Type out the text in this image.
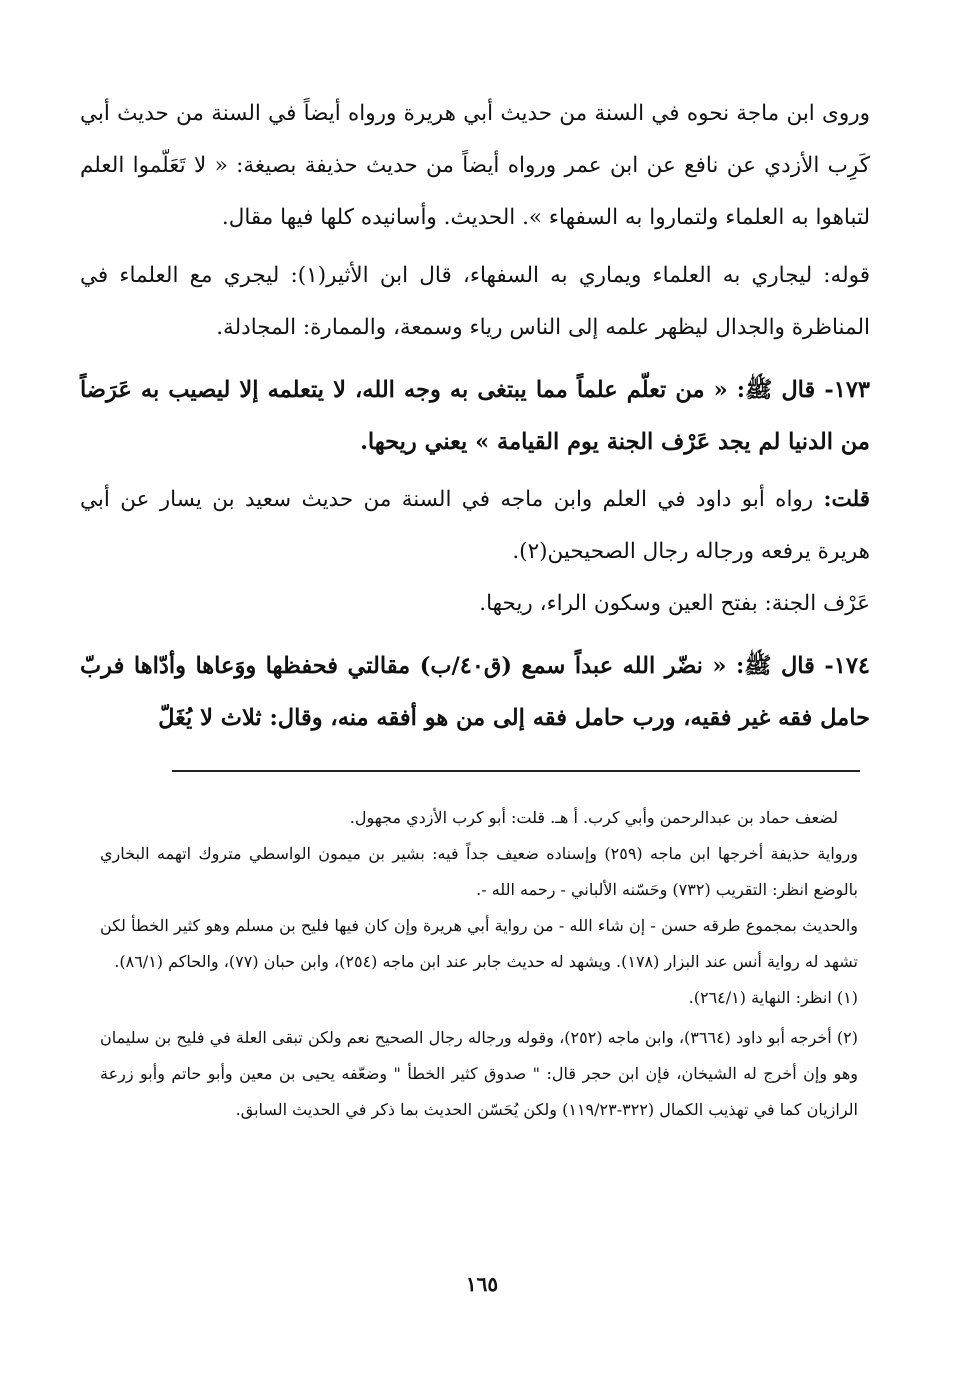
وروى ابن ماجة نحوه في السنة من حديث أبي هريرة ورواه أيضاً في السنة من حديث أبي كَرِب الأزدي عن نافع عن ابن عمر ورواه أيضاً من حديث حذيفة بصيغة: « لا تَعَلّموا العلم لتباهوا به العلماء ولتماروا به السفهاء ». الحديث. وأسانيده كلها فيها مقال.

قوله: ليجاري به العلماء ويماري به السفهاء، قال ابن الأثير(١): ليجري مع العلماء في المناظرة والجدال ليظهر علمه إلى الناس رياء وسمعة، والممارة: المجادلة.

١٧٣- قال ﷺ: « من تعلّم علماً مما يبتغى به وجه الله، لا يتعلمه إلا ليصيب به عَرَضاً من الدنيا لم يجد عَرْف الجنة يوم القيامة » يعني ريحها.

قلت: رواه أبو داود في العلم وابن ماجه في السنة من حديث سعيد بن يسار عن أبي هريرة يرفعه ورجاله رجال الصحيحين(٢).

عَرْف الجنة: بفتح العين وسكون الراء، ريحها.

١٧٤- قال ﷺ: « نضّر الله عبداً سمع (ق٤٠/ب) مقالتي فحفظها ووَعاها وأدّاها فربّ حامل فقه غير فقيه، ورب حامل فقه إلى من هو أفقه منه، وقال: ثلاث لا يُغَلّ

لضعف حماد بن عبدالرحمن وأبي كرب. أ هـ. قلت: أبو كرب الأزدي مجهول.

ورواية حذيفة أخرجها ابن ماجه (٢٥٩) وإسناده ضعيف جداً فيه: بشير بن ميمون الواسطي متروك اتهمه البخاري بالوضع انظر: التقريب (٧٣٢) وحَسّنه الألباني - رحمه الله -.

والحديث بمجموع طرقه حسن - إن شاء الله - من رواية أبي هريرة وإن كان فيها فليح بن مسلم وهو كثير الخطأ لكن تشهد له رواية أنس عند البزار (١٧٨). ويشهد له حديث جابر عند ابن ماجه (٢٥٤)، وابن حبان (٧٧)، والحاكم (٨٦/١).

(١) انظر: النهاية (٢٦٤/١).

(٢) أخرجه أبو داود (٣٦٦٤)، وابن ماجه (٢٥٢)، وقوله ورجاله رجال الصحيح نعم ولكن تبقى العلة في فليح بن سليمان وهو وإن أخرج له الشيخان، فإن ابن حجر قال: " صدوق كثير الخطأ " وضعّفه يحيى بن معين وأبو حاتم وأبو زرعة الرازيان كما في تهذيب الكمال (٣٢٢-١١٩/٢٣) ولكن يُحَسّن الحديث بما ذكر في الحديث السابق.

١٦٥
